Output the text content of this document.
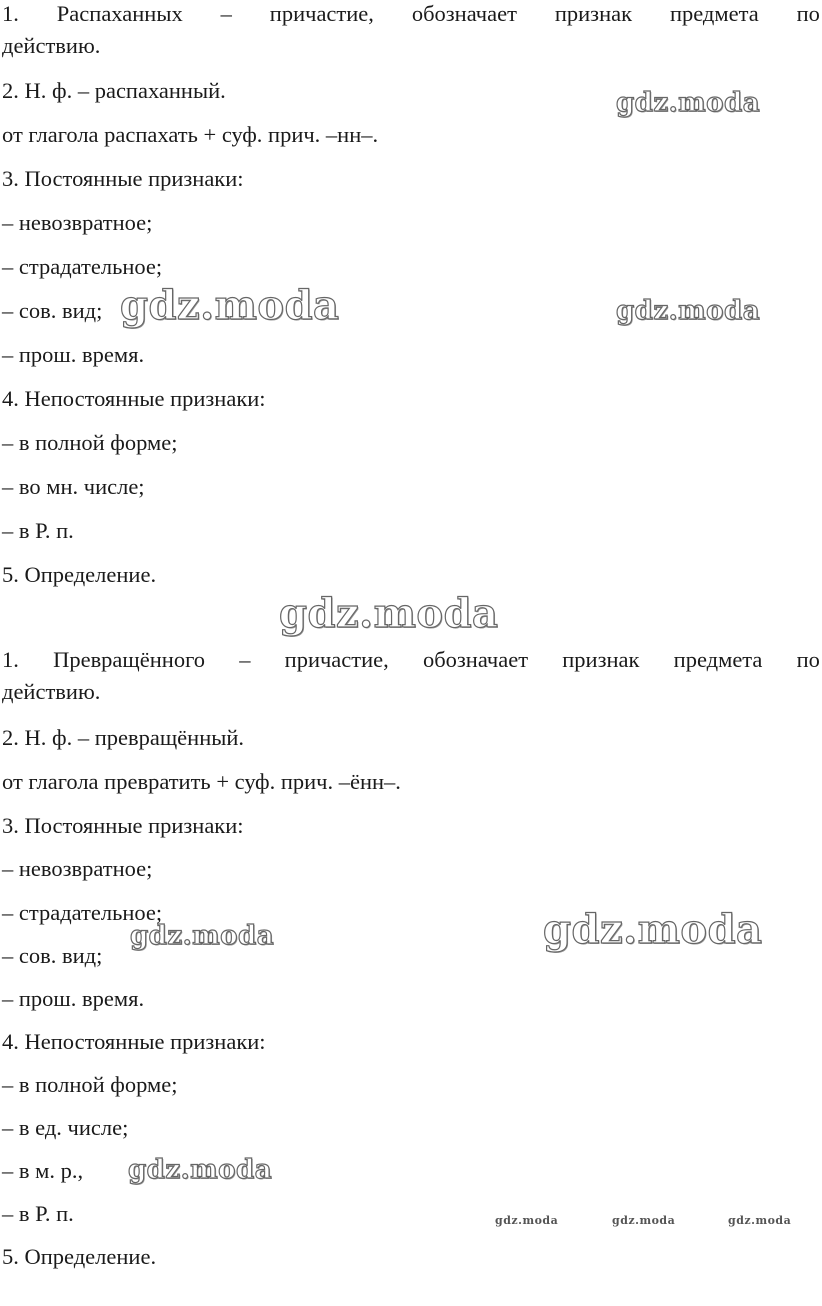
1. Распаханных – причастие, обозначает признак предмета по
действию.
2. Н. ф. – распаханный.
от глагола распахать + суф. прич. –нн–.
3. Постоянные признаки:
– невозвратное;
– страдательное;
– сов. вид;
– прош. время.
4. Непостоянные признаки:
– в полной форме;
– во мн. числе;
– в Р. п.
5. Определение.
1. Превращённого – причастие, обозначает признак предмета по
действию.
2. Н. ф. – превращённый.
от глагола превратить + суф. прич. –ённ–.
3. Постоянные признаки:
– невозвратное;
– страдательное;
– сов. вид;
– прош. время.
4. Непостоянные признаки:
– в полной форме;
– в ед. числе;
– в м. р.,
– в Р. п.
5. Определение.
gdz.moda
gdz.moda	gdz.moda
gdz.moda
gdz.moda	gdz.moda
gdz.moda
gdz.moda	gdz.moda	gdz.moda
